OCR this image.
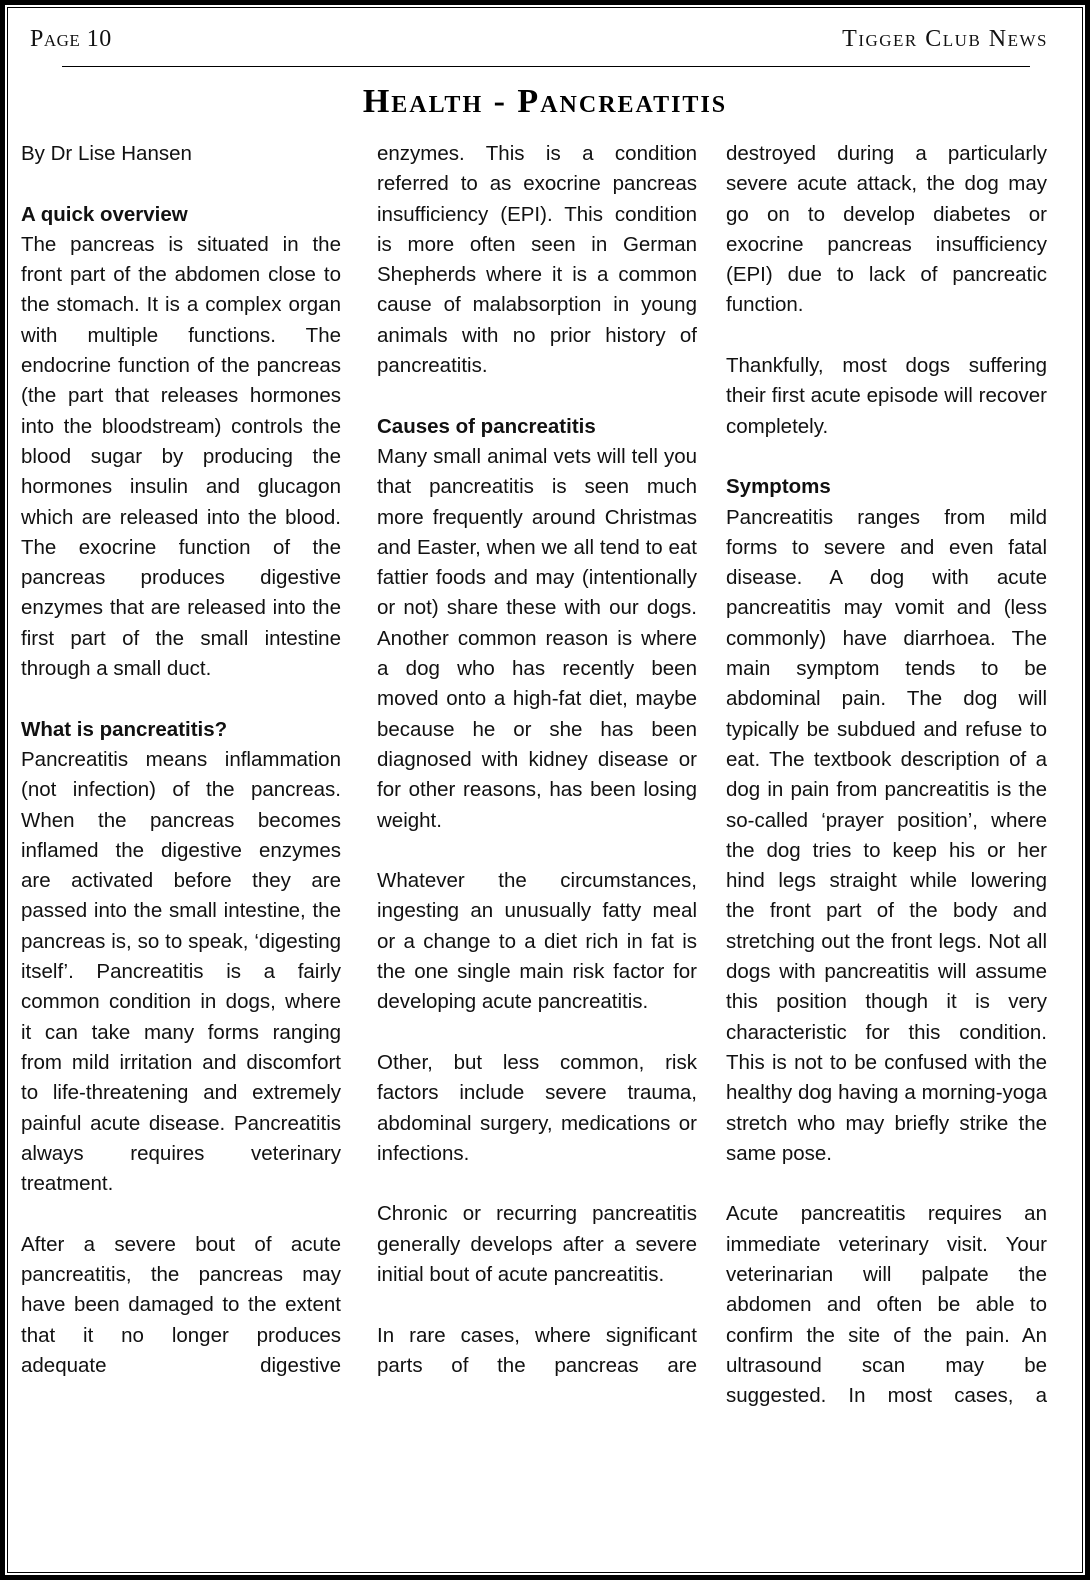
Page 10	Tigger Club News
Health - Pancreatitis

By Dr Lise Hansen

A quick overview

The pancreas is situated in the front part of the abdomen close to the stomach. It is a complex organ with multiple functions. The endocrine function of the pancreas (the part that releases hormones into the bloodstream) controls the blood sugar by producing the hormones insulin and glucagon which are released into the blood. The exocrine function of the pancreas produces digestive enzymes that are released into the first part of the small intestine through a small duct.

What is pancreatitis?

Pancreatitis means inflammation (not infection) of the pancreas. When the pancreas becomes inflamed the digestive enzymes are activated before they are passed into the small intestine, the pancreas is, so to speak, ‘digesting itself’. Pancreatitis is a fairly common condition in dogs, where it can take many forms ranging from mild irritation and discomfort to life-threatening and extremely painful acute disease. Pancreatitis always requires veterinary treatment.

After a severe bout of acute pancreatitis, the pancreas may have been damaged to the extent that it no longer produces adequate digestive

enzymes. This is a condition referred to as exocrine pancreas insufficiency (EPI). This condition is more often seen in German Shepherds where it is a common cause of malabsorption in young animals with no prior history of pancreatitis.

Causes of pancreatitis

Many small animal vets will tell you that pancreatitis is seen much more frequently around Christmas and Easter, when we all tend to eat fattier foods and may (intentionally or not) share these with our dogs. Another common reason is where a dog who has recently been moved onto a high-fat diet, maybe because he or she has been diagnosed with kidney disease or for other reasons, has been losing weight.

Whatever the circumstances, ingesting an unusually fatty meal or a change to a diet rich in fat is the one single main risk factor for developing acute pancreatitis.

Other, but less common, risk factors include severe trauma, abdominal surgery, medications or infections.

Chronic or recurring pancreatitis generally develops after a severe initial bout of acute pancreatitis.

In rare cases, where significant parts of the pancreas are

destroyed during a particularly severe acute attack, the dog may go on to develop diabetes or exocrine pancreas insufficiency (EPI) due to lack of pancreatic function.

Thankfully, most dogs suffering their first acute episode will recover completely.

Symptoms

Pancreatitis ranges from mild forms to severe and even fatal disease. A dog with acute pancreatitis may vomit and (less commonly) have diarrhoea. The main symptom tends to be abdominal pain. The dog will typically be subdued and refuse to eat. The textbook description of a dog in pain from pancreatitis is the so-called ‘prayer position’, where the dog tries to keep his or her hind legs straight while lowering the front part of the body and stretching out the front legs. Not all dogs with pancreatitis will assume this position though it is very characteristic for this condition. This is not to be confused with the healthy dog having a morning-yoga stretch who may briefly strike the same pose.

Acute pancreatitis requires an immediate veterinary visit. Your veterinarian will palpate the abdomen and often be able to confirm the site of the pain. An ultrasound scan may be suggested. In most cases, a
